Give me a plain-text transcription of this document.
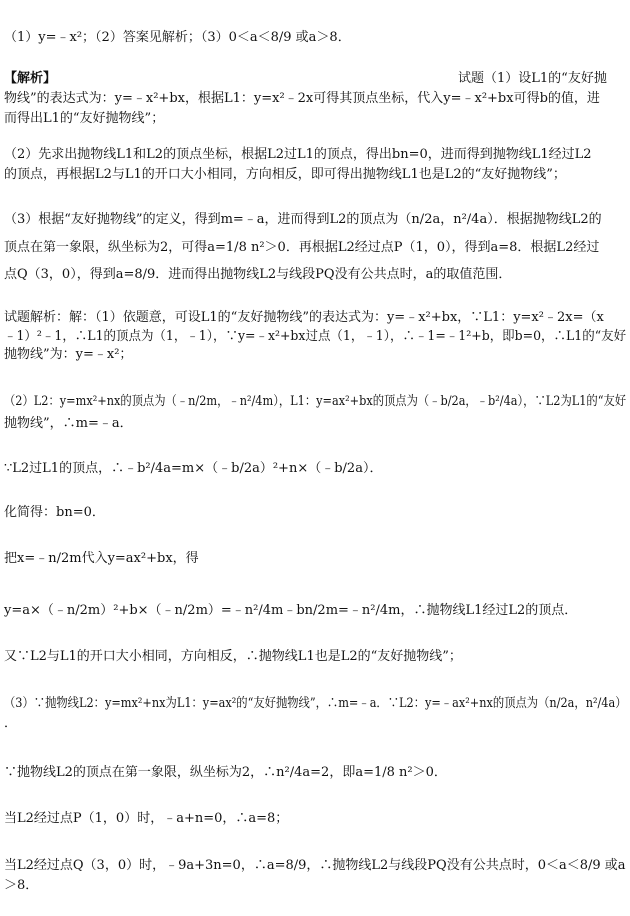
（1）y=﹣x²；（2）答案见解析；（3）0＜a＜8/9 或a＞8．
【解析】	试题（1）设L1的“友好抛
物线”的表达式为：y=﹣x²+bx，根据L1：y=x²﹣2x可得其顶点坐标，代入y=﹣x²+bx可得b的值，进
而得出L1的“友好抛物线”；
（2）先求出抛物线L1和L2的顶点坐标，根据L2过L1的顶点，得出bn=0，进而得到抛物线L1经过L2
的顶点，再根据L2与L1的开口大小相同，方向相反，即可得出抛物线L1也是L2的“友好抛物线”；
（3）根据“友好抛物线”的定义，得到m=﹣a，进而得到L2的顶点为（n/2a，n²/4a）．根据抛物线L2的
顶点在第一象限，纵坐标为2，可得a=1/8 n²＞0．再根据L2经过点P（1，0），得到a=8．根据L2经过
点Q（3，0），得到a=8/9．进而得出抛物线L2与线段PQ没有公共点时，a的取值范围．
试题解析：解：（1）依题意，可设L1的“友好抛物线”的表达式为：y=﹣x²+bx，∵L1：y=x²﹣2x=（x
﹣1）²﹣1，∴L1的顶点为（1，﹣1），∵y=﹣x²+bx过点（1，﹣1），∴﹣1=﹣1²+b，即b=0，∴L1的“友好
抛物线”为：y=﹣x²；
（2）L2：y=mx²+nx的顶点为（﹣n/2m，﹣n²/4m），L1：y=ax²+bx的顶点为（﹣b/2a，﹣b²/4a），∵L2为L1的“友好
抛物线”，∴m=﹣a．
∵L2过L1的顶点，∴﹣b²/4a=m×（﹣b/2a）²+n×（﹣b/2a）．
化简得：bn=0．
把x=﹣n/2m代入y=ax²+bx，得
y=a×（﹣n/2m）²+b×（﹣n/2m）=﹣n²/4m﹣bn/2m=﹣n²/4m，∴抛物线L1经过L2的顶点．
又∵L2与L1的开口大小相同，方向相反，∴抛物线L1也是L2的“友好抛物线”；
（3）∵抛物线L2：y=mx²+nx为L1：y=ax²的“友好抛物线”，∴m=﹣a．∵L2：y=﹣ax²+nx的顶点为（n/2a，n²/4a）
．
∵抛物线L2的顶点在第一象限，纵坐标为2，∴n²/4a=2，即a=1/8 n²＞0．
当L2经过点P（1，0）时，﹣a+n=0，∴a=8；
当L2经过点Q（3，0）时，﹣9a+3n=0，∴a=8/9，∴抛物线L2与线段PQ没有公共点时，0＜a＜8/9 或a
＞8．
